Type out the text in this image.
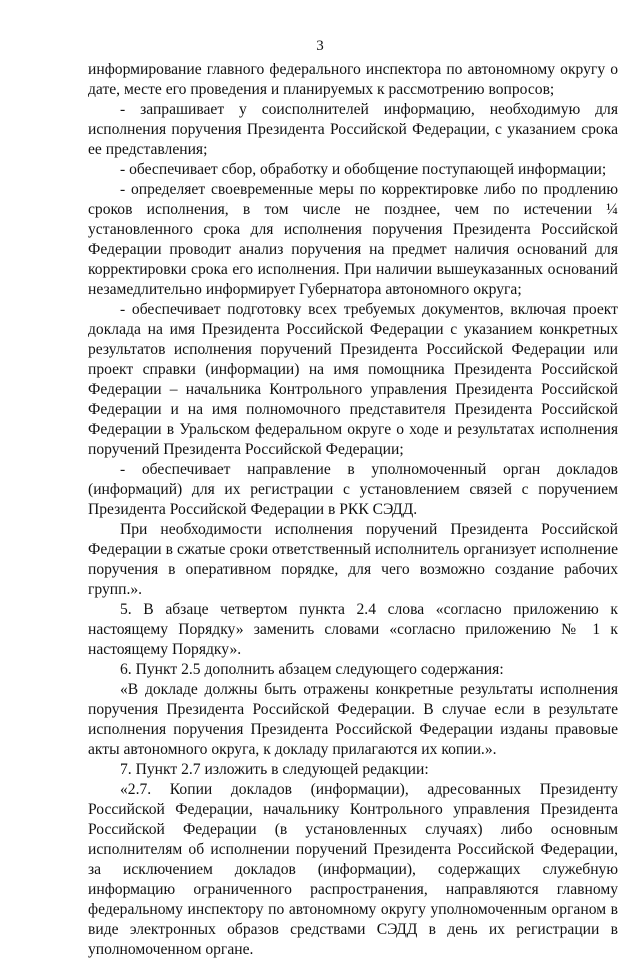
3

информирование главного федерального инспектора по автономному округу о дате, месте его проведения и планируемых к рассмотрению вопросов;

- запрашивает у соисполнителей информацию, необходимую для исполнения поручения Президента Российской Федерации, с указанием срока ее представления;

- обеспечивает сбор, обработку и обобщение поступающей информации;

- определяет своевременные меры по корректировке либо по продлению сроков исполнения, в том числе не позднее, чем по истечении ¼ установленного срока для исполнения поручения Президента Российской Федерации проводит анализ поручения на предмет наличия оснований для корректировки срока его исполнения. При наличии вышеуказанных оснований незамедлительно информирует Губернатора автономного округа;

- обеспечивает подготовку всех требуемых документов, включая проект доклада на имя Президента Российской Федерации с указанием конкретных результатов исполнения поручений Президента Российской Федерации или проект справки (информации) на имя помощника Президента Российской Федерации – начальника Контрольного управления Президента Российской Федерации и на имя полномочного представителя Президента Российской Федерации в Уральском федеральном округе о ходе и результатах исполнения поручений Президента Российской Федерации;

- обеспечивает направление в уполномоченный орган докладов (информаций) для их регистрации с установлением связей с поручением Президента Российской Федерации в РКК СЭДД.

При необходимости исполнения поручений Президента Российской Федерации в сжатые сроки ответственный исполнитель организует исполнение поручения в оперативном порядке, для чего возможно создание рабочих групп.».

5. В абзаце четвертом пункта 2.4 слова «согласно приложению к настоящему Порядку» заменить словами «согласно приложению № 1 к настоящему Порядку».

6. Пункт 2.5 дополнить абзацем следующего содержания:

«В докладе должны быть отражены конкретные результаты исполнения поручения Президента Российской Федерации. В случае если в результате исполнения поручения Президента Российской Федерации изданы правовые акты автономного округа, к докладу прилагаются их копии.».

7. Пункт 2.7 изложить в следующей редакции:

«2.7. Копии докладов (информации), адресованных Президенту Российской Федерации, начальнику Контрольного управления Президента Российской Федерации (в установленных случаях) либо основным исполнителям об исполнении поручений Президента Российской Федерации, за исключением докладов (информации), содержащих служебную информацию ограниченного распространения, направляются главному федеральному инспектору по автономному округу уполномоченным органом в виде электронных образов средствами СЭДД в день их регистрации в уполномоченном органе.
